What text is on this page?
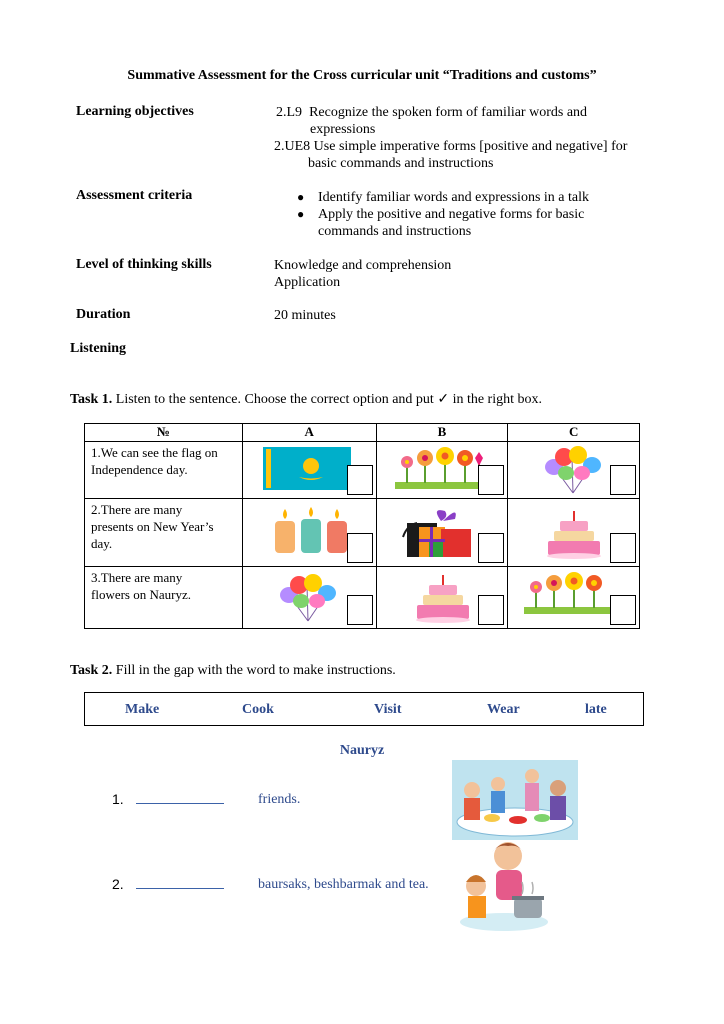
Summative Assessment for the Cross curricular unit “Traditions and customs”
Learning objectives	2.L9 Recognize the spoken form of familiar words and
expressions
2.UE8 Use simple imperative forms [positive and negative] for
basic commands and instructions
Assessment criteria	● Identify familiar words and expressions in a talk
● Apply the positive and negative forms for basic
commands and instructions
Level of thinking skills	Knowledge and comprehension
Application
Duration	20 minutes
Listening
Task 1. Listen to the sentence. Choose the correct option and put ✓ in the right box.
№	A	B	C

1.We can see the flag on
Independence day.

2.There are many
presents on New Year’s
day.

3.There are many
flowers on Nauryz.

Task 2. Fill in the gap with the word to make instructions.
Make	Cook	Visit	Wear	late
Nauryz
1.	friends.
2.	baursaks, beshbarmak and tea.
